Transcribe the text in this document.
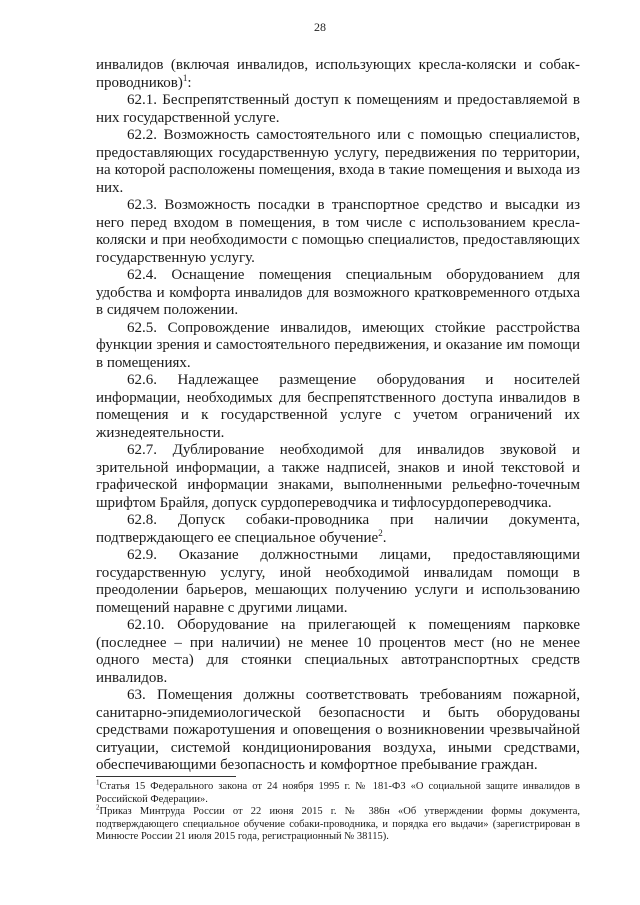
28

инвалидов (включая инвалидов, использующих кресла-коляски и собак-проводников)$^1$:

62.1. Беспрепятственный доступ к помещениям и предоставляемой в них государственной услуге.

62.2. Возможность самостоятельного или с помощью специалистов, предоставляющих государственную услугу, передвижения по территории, на которой расположены помещения, входа в такие помещения и выхода из них.

62.3. Возможность посадки в транспортное средство и высадки из него перед входом в помещения, в том числе с использованием кресла-коляски и при необходимости с помощью специалистов, предоставляющих государственную услугу.

62.4. Оснащение помещения специальным оборудованием для удобства и комфорта инвалидов для возможного кратковременного отдыха в сидячем положении.

62.5. Сопровождение инвалидов, имеющих стойкие расстройства функции зрения и самостоятельного передвижения, и оказание им помощи в помещениях.

62.6. Надлежащее размещение оборудования и носителей информации, необходимых для беспрепятственного доступа инвалидов в помещения и к государственной услуге с учетом ограничений их жизнедеятельности.

62.7. Дублирование необходимой для инвалидов звуковой и зрительной информации, а также надписей, знаков и иной текстовой и графической информации знаками, выполненными рельефно-точечным шрифтом Брайля, допуск сурдопереводчика и тифлосурдопереводчика.

62.8. Допуск собаки-проводника при наличии документа, подтверждающего ее специальное обучение$^2$.

62.9. Оказание должностными лицами, предоставляющими государственную услугу, иной необходимой инвалидам помощи в преодолении барьеров, мешающих получению услуги и использованию помещений наравне с другими лицами.

62.10. Оборудование на прилегающей к помещениям парковке (последнее – при наличии) не менее 10 процентов мест (но не менее одного места) для стоянки специальных автотранспортных средств инвалидов.

63. Помещения должны соответствовать требованиям пожарной, санитарно-эпидемиологической безопасности и быть оборудованы средствами пожаротушения и оповещения о возникновении чрезвычайной ситуации, системой кондиционирования воздуха, иными средствами, обеспечивающими безопасность и комфортное пребывание граждан.

$^1$Статья 15 Федерального закона от 24 ноября 1995 г. № 181-ФЗ «О социальной защите инвалидов в Российской Федерации».

$^2$Приказ Минтруда России от 22 июня 2015 г. № 386н «Об утверждении формы документа, подтверждающего специальное обучение собаки-проводника, и порядка его выдачи» (зарегистрирован в Минюсте России 21 июля 2015 года, регистрационный № 38115).
